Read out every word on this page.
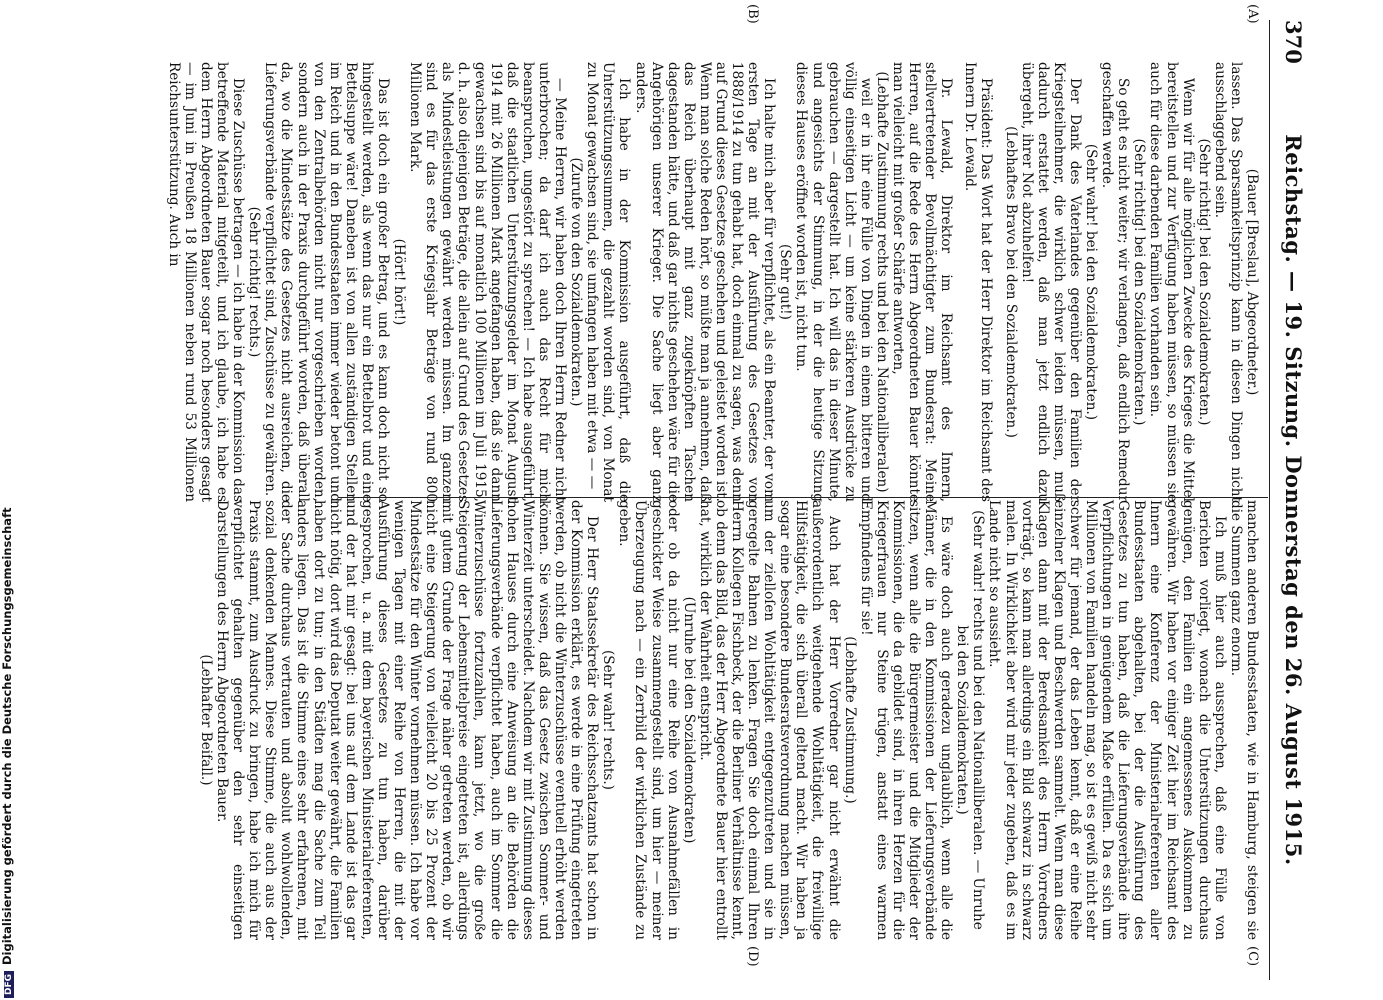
370
Reichstag. — 19. Sitzung. Donnerstag den 26. August 1915.
(A)
(B)
(C)
(D)

(Bauer [Breslau], Abgeordneter.)

lassen. Das Sparsamkeitsprinzip kann in diesen Dingen nicht ausschlaggebend sein.

(Sehr richtig! bei den Sozialdemokraten.)

Wenn wir für alle möglichen Zwecke des Krieges die Mittel bereitstellen und zur Verfügung haben müssen, so müssen sie auch für diese darbenden Familien vorhanden sein.

(Sehr richtig! bei den Sozialdemokraten.)

So geht es nicht weiter; wir verlangen, daß endlich Remedur geschaffen werde.

(Sehr wahr! bei den Sozialdemokraten.)

Der Dank des Vaterlandes gegenüber den Familien der Kriegsteilnehmer, die wirklich schwer leiden müssen, muß dadurch erstattet werden, daß man jetzt endlich dazu übergeht, ihrer Not abzuhelfen!

(Lebhaftes Bravo bei den Sozialdemokraten.)

Präsident: Das Wort hat der Herr Direktor im Reichsamt des Innern Dr. Lewald.

Dr. Lewald, Direktor im Reichsamt des Innern, stellvertretender Bevollmächtigter zum Bundesrat: Meine Herren, auf die Rede des Herrn Abgeordneten Bauer könnte man vielleicht mit großer Schärfe antworten,

(Lebhafte Zustimmung rechts und bei den Nationalliberalen)

weil er in ihr eine Fülle von Dingen in einem bitteren und völlig einseitigen Licht — um keine stärkeren Ausdrücke zu gebrauchen — dargestellt hat. Ich will das in dieser Minute, und angesichts der Stimmung, in der die heutige Sitzung dieses Hauses eröffnet worden ist, nicht tun.

(Sehr gut!)

Ich halte mich aber für verpflichtet, als ein Beamter, der vom ersten Tage an mit der Ausführung des Gesetzes von 1888/1914 zu tun gehabt hat, doch einmal zu sagen, was denn auf Grund dieses Gesetzes geschehen und geleistet worden ist. Wenn man solche Reden hört, so müßte man ja annehmen, daß das Reich überhaupt mit ganz zugeknöpften Taschen dagestanden hätte, und daß gar nichts geschehen wäre für die Angehörigen unserer Krieger. Die Sache liegt aber ganz anders.

Ich habe in der Kommission ausgeführt, daß die Unterstützungssummen, die gezahlt worden sind, von Monat zu Monat gewachsen sind, sie umfangen haben mit etwa — —

(Zurufe von den Sozialdemokraten.)

— Meine Herren, wir haben doch Ihren Herrn Redner nicht unterbrochen; da darf ich auch das Recht für mich beanspruchen, ungestört zu sprechen! — Ich habe ausgeführt, daß die staatlichen Unterstützungsgelder im Monat August 1914 mit 26 Millionen Mark angefangen haben, daß sie dann gewachsen sind bis auf monatlich 100 Millionen im Juli 1915, d. h. also diejenigen Beträge, die allein auf Grund des Gesetzes als Mindestleistungen gewährt werden müssen. Im ganzen sind es für das erste Kriegsjahr Beträge von rund 800 Millionen Mark.

(Hört! hört!)

Das ist doch ein großer Betrag, und es kann doch nicht so hingestellt werden, als wenn das nur ein Bettelbrot und eine Bettelsuppe wäre! Daneben ist von allen zuständigen Stellen im Reich und in den Bundesstaaten immer wieder betont und von den Zentralbehörden nicht nur vorgeschrieben worden, sondern auch in der Praxis durchgeführt worden, daß überall da, wo die Mindestsätze des Gesetzes nicht ausreichen, die Lieferungsverbände verpflichtet sind, Zuschüsse zu gewähren.

(Sehr richtig! rechts.)

Diese Zuschüsse betragen — ich habe in der Kommission das betreffende Material mitgeteilt, und ich glaube, ich habe es dem Herrn Abgeordneten Bauer sogar noch besonders gesagt — im Juni in Preußen 18 Millionen neben rund 53 Millionen Reichsunterstützung. Auch in

manchen anderen Bundesstaaten, wie in Hamburg, steigen sie die Summen ganz enorm.

Ich muß hier auch aussprechen, daß eine Fülle von Berichten vorliegt, wonach die Unterstützungen durchaus genügen, den Familien ein angemessenes Auskommen zu gewähren. Wir haben vor einiger Zeit hier im Reichsamt des Innern eine Konferenz der Ministerialreferenten aller Bundesstaaten abgehalten, bei der die Ausführung des Gesetzes zu tun haben, daß die Lieferungsverbände ihre Verpflichtungen in genügendem Maße erfüllen. Da es sich um Millionen von Familien handeln mag, so ist es gewiß nicht sehr schwer für jemand, der das Leben kennt, daß er eine Reihe einzelner Klagen und Beschwerden sammelt. Wenn man diese Klagen dann mit der Beredsamkeit des Herrn Vorredners vorträgt, so kann man allerdings ein Bild schwarz in schwarz malen. In Wirklichkeit aber wird mir jeder zugeben, daß es im Lande nicht so aussieht.

(Sehr wahr! rechts und bei den Nationalliberalen. — Unruhe bei den Sozialdemokraten.)

Es wäre doch auch geradezu unglaublich, wenn alle die Männer, die in den Kommissionen der Lieferungsverbände sitzen, wenn alle die Bürgermeister und die Mitglieder der Kommissionen, die da gebildet sind, in ihren Herzen für die Kriegerfrauen nur Steine trügen, anstatt eines warmen Empfindens für sie!

(Lebhafte Zustimmung.)

Auch hat der Herr Vorredner gar nicht erwähnt die außerordentlich weitgehende Wohltätigkeit, die freiwillige Hilfstätigkeit, die sich überall geltend macht. Wir haben ja sogar eine besondere Bundesratsverordnung machen müssen, um der zielloſen Wohltätigkeit entgegenzutreten und sie in geregelte Bahnen zu lenken. Fragen Sie doch einmal Ihren Herrn Kollegen Fischbeck, der die Berliner Verhältnisse kennt, ob denn das Bild, das der Herr Abgeordnete Bauer hier entrollt hat, wirklich der Wahrheit entspricht.

(Unruhe bei den Sozialdemokraten)

oder ob da nicht nur eine Reihe von Ausnahmefällen in geschickter Weise zusammengestellt sind, um hier — meiner Überzeugung nach — ein Zerrbild der wirklichen Zustände zu geben.

(Sehr wahr! rechts.)

Der Herr Staatssekretär des Reichsschatzamts hat schon in der Kommission erklärt, es werde in eine Prüfung eingetreten werden, ob nicht die Winterzuschüsse eventuell erhöht werden können. Sie wissen, daß das Gesetz zwischen Sommer- und Winterzeit unterscheidet. Nachdem wir mit Zustimmung dieses hohen Hauses durch eine Anweisung an die Behörden die Lieferungsverbände verpflichtet haben, auch im Sommer die Winterzuschüsse fortzuzahlen, kann jetzt, wo die große Steigerung der Lebensmittelpreise eingetreten ist, allerdings mit gutem Grunde der Frage näher getreten werden, ob wir nicht eine Steigerung von vielleicht 20 bis 25 Prozent der Mindestsätze für den Winter vornehmen müssen. Ich habe vor wenigen Tagen mit einer Reihe von Herren, die mit der Ausführung dieses Gesetzes zu tun haben, darüber gesprochen, u. a. mit dem bayerischen Ministerialreferenten, und der hat mir gesagt: bei uns auf dem Lande ist das gar nicht nötig, dort wird das Deputat weiter gewährt, die Familien haben dort zu tun; in den Städten mag die Sache zum Teil anders liegen. Das ist die Stimme eines sehr erfahrenen, mit der Sache durchaus vertrauten und absolut wohlwollenden, sozial denkenden Mannes. Diese Stimme, die auch aus der Praxis stammt, zum Ausdruck zu bringen, habe ich mich für verpflichtet gehalten gegenüber den sehr einseitigen Darstellungen des Herrn Abgeordneten Bauer.

(Lebhafter Beifall.)

DFGDigitalisierung gefördert durch die Deutsche Forschungsgemeinschaft
